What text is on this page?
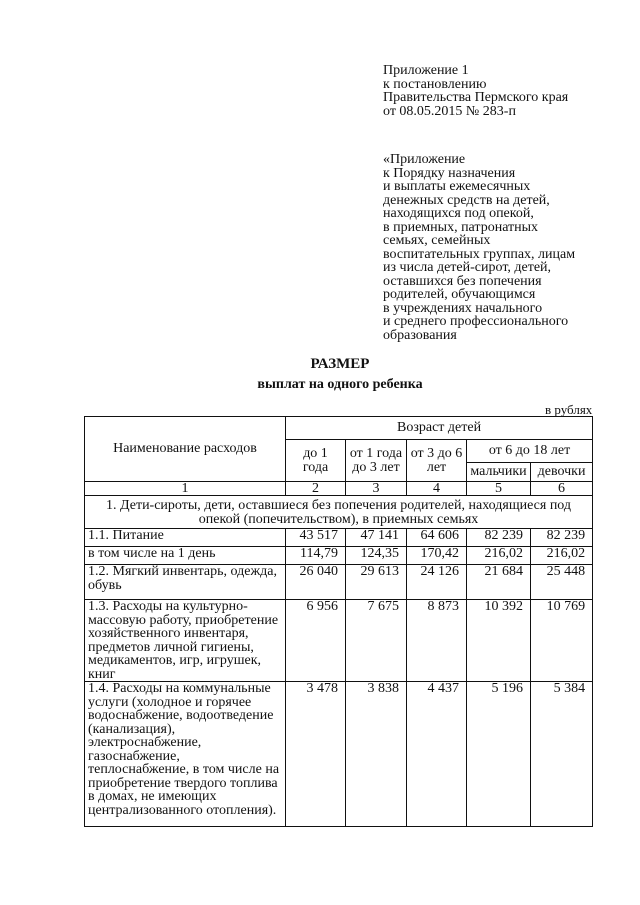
Приложение 1
к постановлению
Правительства Пермского края
от 08.05.2015 № 283-п
«Приложение
к Порядку назначения
и выплаты ежемесячных
денежных средств на детей,
находящихся под опекой,
в приемных, патронатных
семьях, семейных
воспитательных группах, лицам
из числа детей-сирот, детей,
оставшихся без попечения
родителей, обучающимся
в учреждениях начального
и среднего профессионального
образования
РАЗМЕР
выплат на одного ребенка
в рублях
Наименование расходов	Возраст детей				
	до 1 года	от 1 года до 3 лет	от 3 до 6 лет	от 6 до 18 лет	
				мальчики	девочки
1	2	3	4	5	6
1. Дети-сироты, дети, оставшиеся без попечения родителей, находящиеся под опекой (попечительством), в приемных семьях					
1.1. Питание	43 517	47 141	64 606	82 239	82 239
в том числе на 1 день	114,79	124,35	170,42	216,02	216,02
1.2. Мягкий инвентарь, одежда, обувь	26 040	29 613	24 126	21 684	25 448
1.3. Расходы на культурно-массовую работу, приобретение хозяйственного инвентаря, предметов личной гигиены, медикаментов, игр, игрушек, книг	6 956	7 675	8 873	10 392	10 769
1.4. Расходы на коммунальные услуги (холодное и горячее водоснабжение, водоотведение (канализация), электроснабжение, газоснабжение, теплоснабжение, в том числе на приобретение твердого топлива в домах, не имеющих централизованного отопления).	3 478	3 838	4 437	5 196	5 384
